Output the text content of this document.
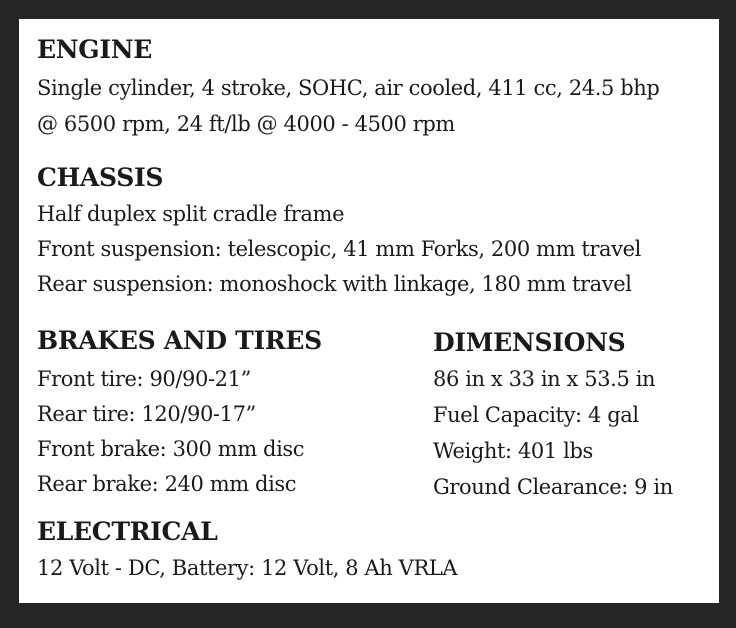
ENGINE
Single cylinder, 4 stroke, SOHC, air cooled, 411 cc, 24.5 bhp
@ 6500 rpm, 24 ft/lb @ 4000 - 4500 rpm
CHASSIS
Half duplex split cradle frame
Front suspension: telescopic, 41 mm Forks, 200 mm travel
Rear suspension: monoshock with linkage, 180 mm travel
BRAKES AND TIRES
Front tire: 90/90-21”
Rear tire: 120/90-17”
Front brake: 300 mm disc
Rear brake: 240 mm disc
DIMENSIONS
86 in x 33 in x 53.5 in
Fuel Capacity: 4 gal
Weight: 401 lbs
Ground Clearance: 9 in
ELECTRICAL
12 Volt - DC, Battery: 12 Volt, 8 Ah VRLA
